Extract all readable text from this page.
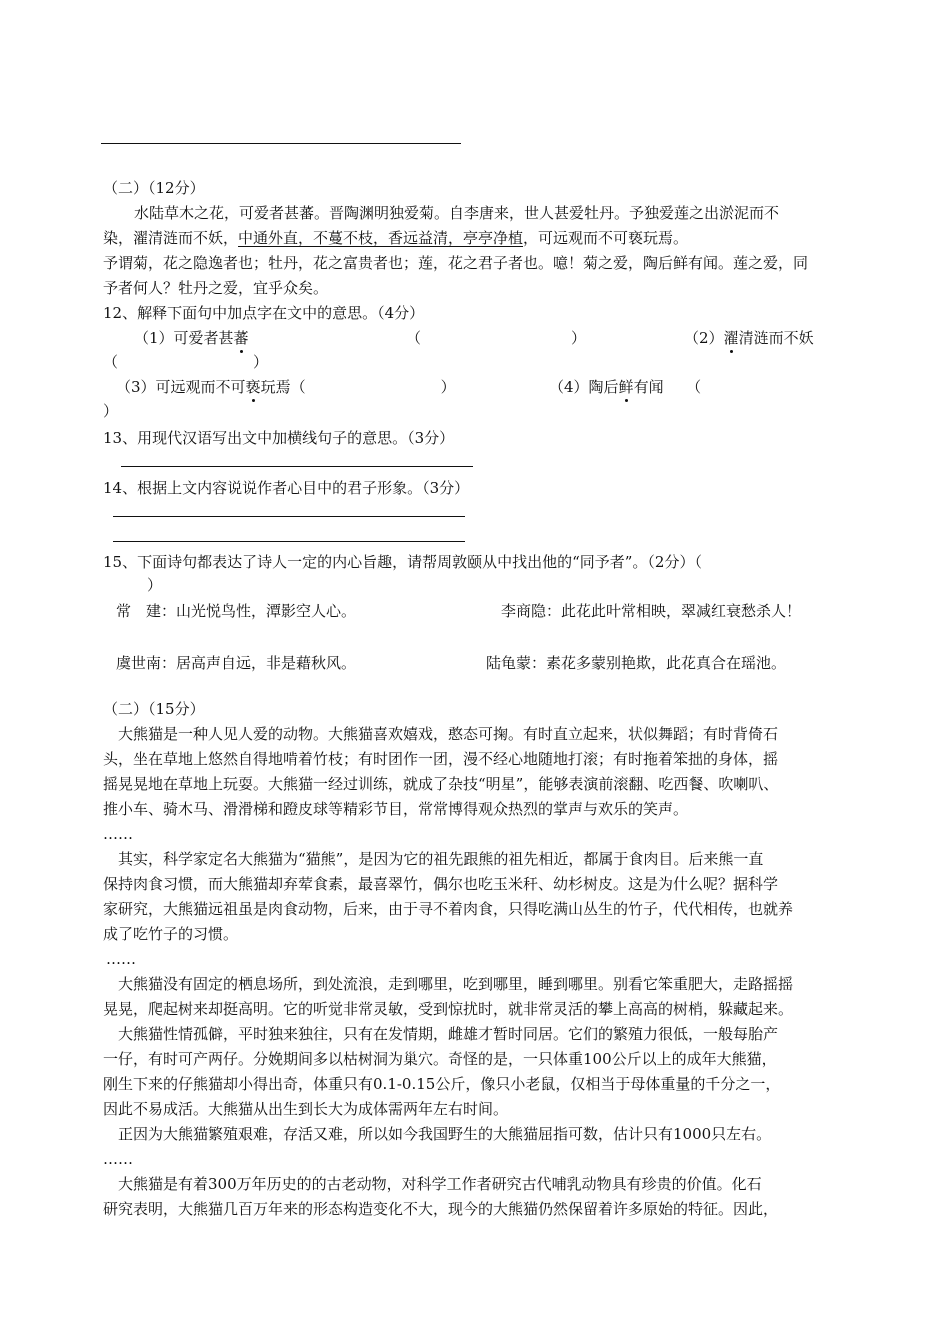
（二）（12分）
水陆草木之花，可爱者甚蕃。晋陶渊明独爱菊。自李唐来，世人甚爱牡丹。予独爱莲之出淤泥而不
染，濯清涟而不妖，中通外直，不蔓不枝，香远益清，亭亭净植，可远观而不可亵玩焉。
予谓菊，花之隐逸者也；牡丹，花之富贵者也；莲，花之君子者也。噫！菊之爱，陶后鲜有闻。莲之爱，同
予者何人？牡丹之爱，宜乎众矣。
12、解释下面句中加点字在文中的意思。（4分）
（1）可爱者甚蕃	（　　　　　　　　　　）	（2）濯清涟而不妖
（　　　　　　　　　）
（3）可远观而不可亵玩焉（　　　　　　　　　）	（4）陶后鲜有闻　　（
）
13、用现代汉语写出文中加横线句子的意思。（3分）
14、根据上文内容说说作者心目中的君子形象。（3分）
15、下面诗句都表达了诗人一定的内心旨趣，请帮周敦颐从中找出他的“同予者”。（2分）（
）
常　建：山光悦鸟性，潭影空人心。	李商隐：此花此叶常相映，翠减红衰愁杀人！
虞世南：居高声自远，非是藉秋风。	陆龟蒙：素花多蒙别艳欺，此花真合在瑶池。
（二）（15分）
大熊猫是一种人见人爱的动物。大熊猫喜欢嬉戏，憨态可掬。有时直立起来，状似舞蹈；有时背倚石
头，坐在草地上悠然自得地啃着竹枝；有时团作一团，漫不经心地随地打滚；有时拖着笨拙的身体，摇
摇晃晃地在草地上玩耍。大熊猫一经过训练，就成了杂技“明星”，能够表演前滚翻、吃西餐、吹喇叭、
推小车、骑木马、滑滑梯和蹬皮球等精彩节目，常常博得观众热烈的掌声与欢乐的笑声。
……
其实，科学家定名大熊猫为“猫熊”，是因为它的祖先跟熊的祖先相近，都属于食肉目。后来熊一直
保持肉食习惯，而大熊猫却弃荤食素，最喜翠竹，偶尔也吃玉米秆、幼杉树皮。这是为什么呢？据科学
家研究，大熊猫远祖虽是肉食动物，后来，由于寻不着肉食，只得吃满山丛生的竹子，代代相传，也就养
成了吃竹子的习惯。
……
大熊猫没有固定的栖息场所，到处流浪，走到哪里，吃到哪里，睡到哪里。别看它笨重肥大，走路摇摇
晃晃，爬起树来却挺高明。它的听觉非常灵敏，受到惊扰时，就非常灵活的攀上高高的树梢，躲藏起来。
大熊猫性情孤僻，平时独来独往，只有在发情期，雌雄才暂时同居。它们的繁殖力很低，一般每胎产
一仔，有时可产两仔。分娩期间多以枯树洞为巢穴。奇怪的是，一只体重100公斤以上的成年大熊猫，
刚生下来的仔熊猫却小得出奇，体重只有0.1-0.15公斤，像只小老鼠，仅相当于母体重量的千分之一，
因此不易成活。大熊猫从出生到长大为成体需两年左右时间。
正因为大熊猫繁殖艰难，存活又难，所以如今我国野生的大熊猫屈指可数，估计只有1000只左右。
……
大熊猫是有着300万年历史的的古老动物，对科学工作者研究古代哺乳动物具有珍贵的价值。化石
研究表明，大熊猫几百万年来的形态构造变化不大，现今的大熊猫仍然保留着许多原始的特征。因此，
